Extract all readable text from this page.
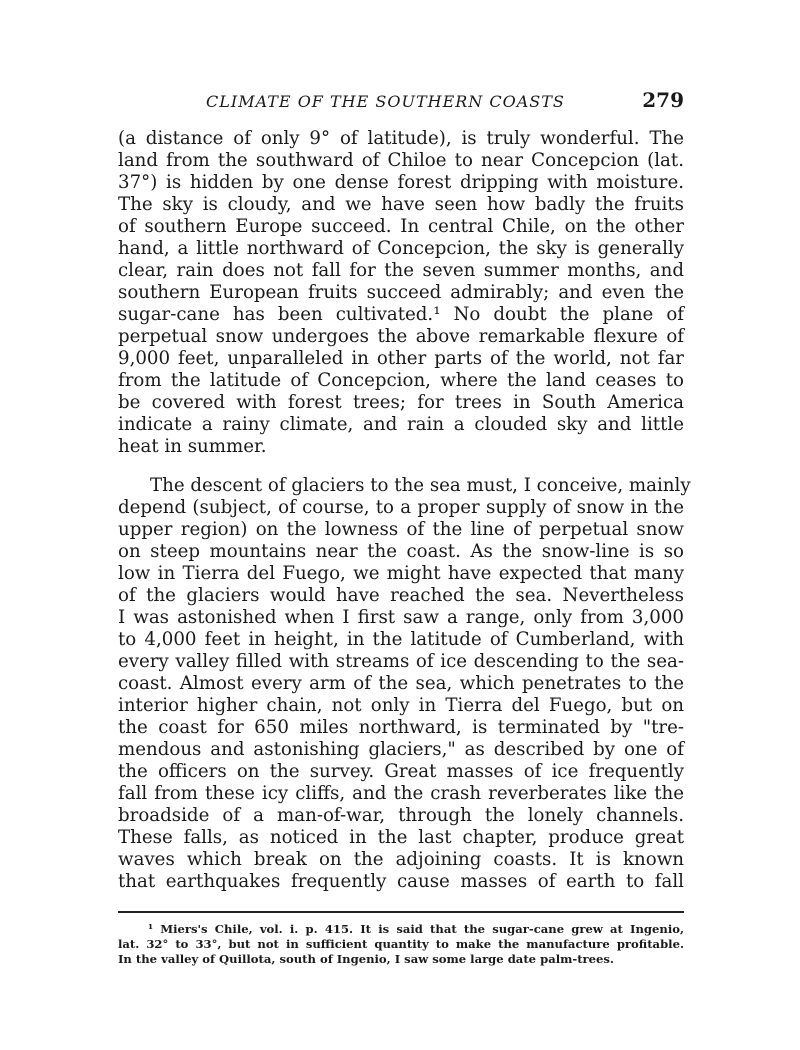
CLIMATE OF THE SOUTHERN COASTS	279
(a distance of only 9° of latitude), is truly wonderful. The
land from the southward of Chiloe to near Concepcion (lat.
37°) is hidden by one dense forest dripping with moisture.
The sky is cloudy, and we have seen how badly the fruits
of southern Europe succeed. In central Chile, on the other
hand, a little northward of Concepcion, the sky is generally
clear, rain does not fall for the seven summer months, and
southern European fruits succeed admirably; and even the
sugar-cane has been cultivated.¹ No doubt the plane of
perpetual snow undergoes the above remarkable flexure of
9,000 feet, unparalleled in other parts of the world, not far
from the latitude of Concepcion, where the land ceases to
be covered with forest trees; for trees in South America
indicate a rainy climate, and rain a clouded sky and little
heat in summer.
The descent of glaciers to the sea must, I conceive, mainly
depend (subject, of course, to a proper supply of snow in the
upper region) on the lowness of the line of perpetual snow
on steep mountains near the coast. As the snow-line is so
low in Tierra del Fuego, we might have expected that many
of the glaciers would have reached the sea. Nevertheless
I was astonished when I first saw a range, only from 3,000
to 4,000 feet in height, in the latitude of Cumberland, with
every valley filled with streams of ice descending to the sea-
coast. Almost every arm of the sea, which penetrates to the
interior higher chain, not only in Tierra del Fuego, but on
the coast for 650 miles northward, is terminated by "tre-
mendous and astonishing glaciers," as described by one of
the officers on the survey. Great masses of ice frequently
fall from these icy cliffs, and the crash reverberates like the
broadside of a man-of-war, through the lonely channels.
These falls, as noticed in the last chapter, produce great
waves which break on the adjoining coasts. It is known
that earthquakes frequently cause masses of earth to fall
¹ Miers's Chile, vol. i. p. 415. It is said that the sugar-cane grew at Ingenio,
lat. 32° to 33°, but not in sufficient quantity to make the manufacture profitable.
In the valley of Quillota, south of Ingenio, I saw some large date palm-trees.
